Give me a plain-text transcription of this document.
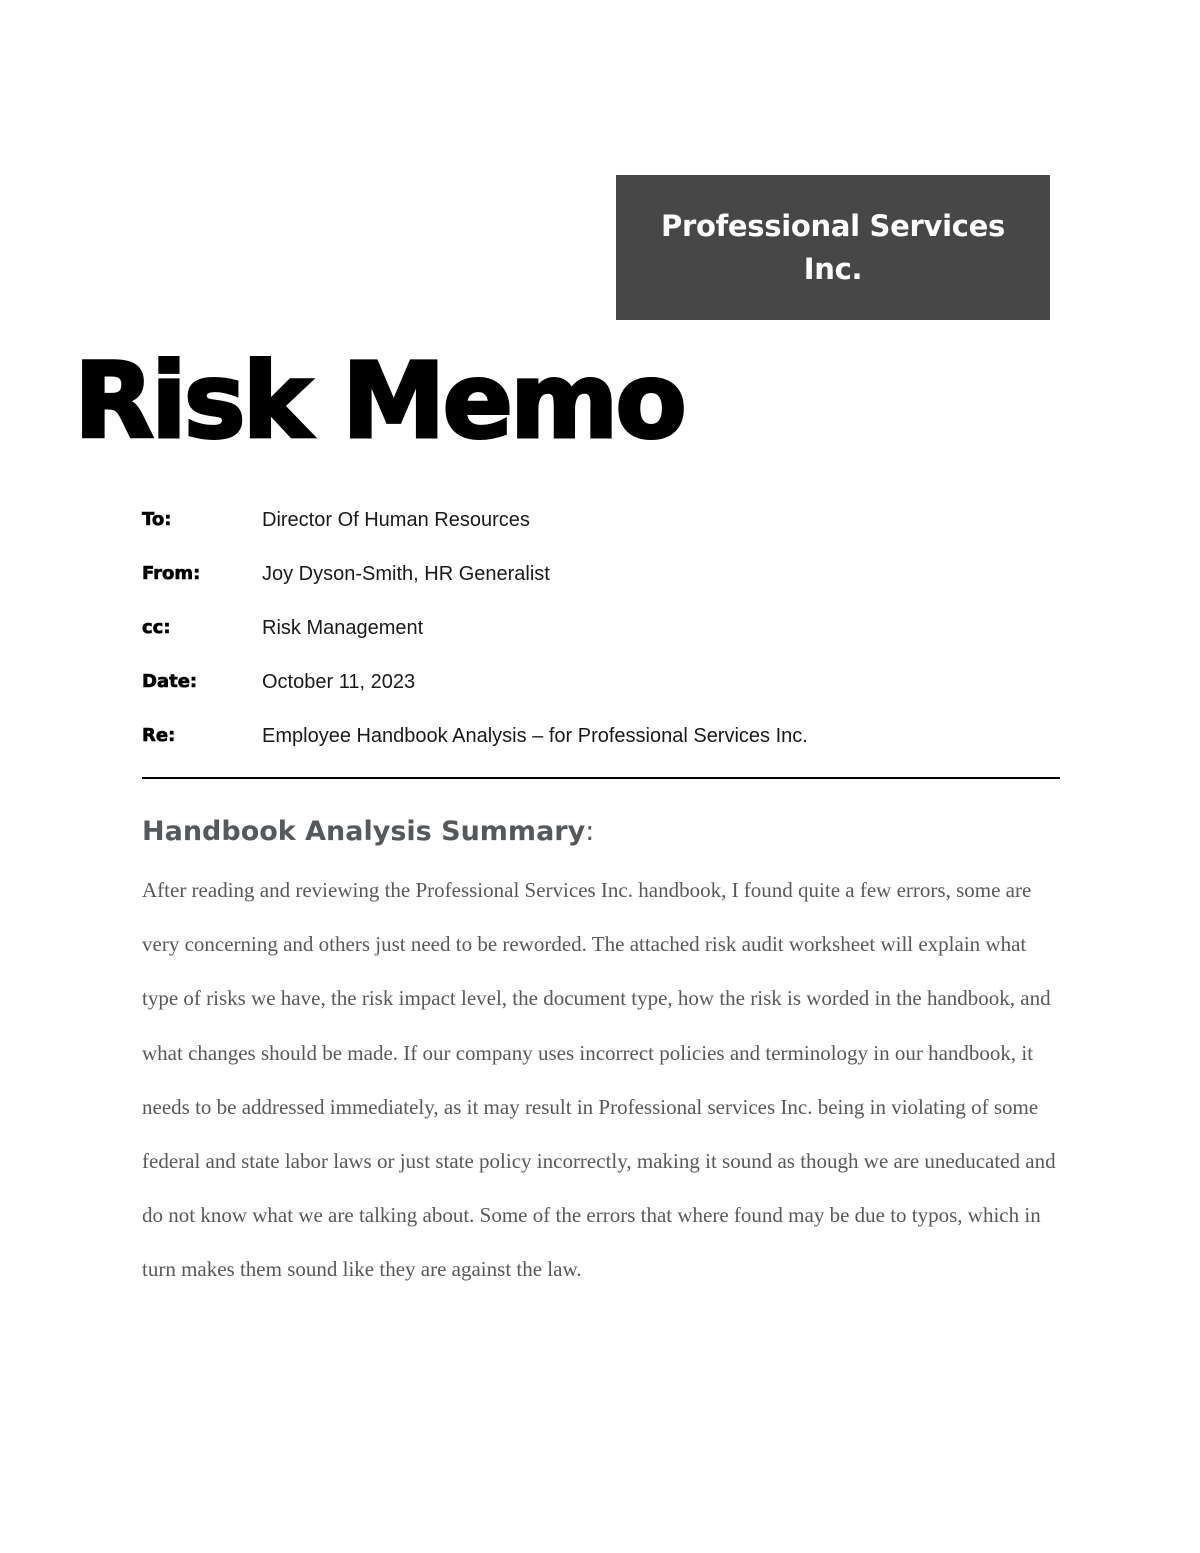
Professional Services Inc.
Risk Memo
To:	Director Of Human Resources
From:	Joy Dyson-Smith, HR Generalist
cc:	Risk Management
Date:	October 11, 2023
Re:	Employee Handbook Analysis – for Professional Services Inc.
Handbook Analysis Summary:

After reading and reviewing the Professional Services Inc. handbook, I found quite a few errors, some are very concerning and others just need to be reworded. The attached risk audit worksheet will explain what type of risks we have, the risk impact level, the document type, how the risk is worded in the handbook, and what changes should be made. If our company uses incorrect policies and terminology in our handbook, it needs to be addressed immediately, as it may result in Professional services Inc. being in violating of some federal and state labor laws or just state policy incorrectly, making it sound as though we are uneducated and do not know what we are talking about. Some of the errors that where found may be due to typos, which in turn makes them sound like they are against the law.
